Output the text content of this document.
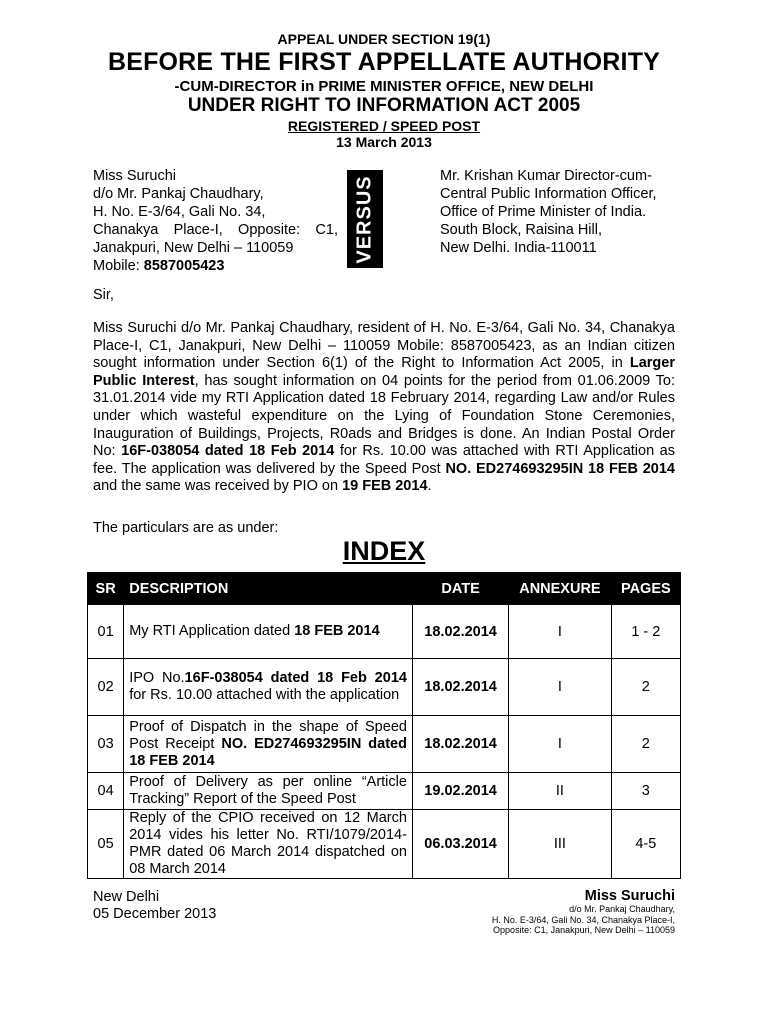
APPEAL UNDER SECTION 19(1)
BEFORE THE FIRST APPELLATE AUTHORITY
-CUM-DIRECTOR in PRIME MINISTER OFFICE, NEW DELHI
UNDER RIGHT TO INFORMATION ACT 2005
REGISTERED / SPEED POST
13 March 2013
Miss Suruchi
d/o Mr. Pankaj Chaudhary,
H. No. E-3/64, Gali No. 34,
Chanakya Place-I, Opposite: C1,
Janakpuri, New Delhi – 110059
Mobile: 8587005423
VERSUS	Mr. Krishan Kumar Director-cum-
Central Public Information Officer,
Office of Prime Minister of India.
South Block, Raisina Hill,
New Delhi. India-110011
Sir,
Miss Suruchi d/o Mr. Pankaj Chaudhary, resident of H. No. E-3/64, Gali No. 34, Chanakya Place-I, C1, Janakpuri, New Delhi – 110059 Mobile: 8587005423, as an Indian citizen sought information under Section 6(1) of the Right to Information Act 2005, in Larger Public Interest, has sought information on 04 points for the period from 01.06.2009 To: 31.01.2014 vide my RTI Application dated 18 February 2014, regarding Law and/or Rules under which wasteful expenditure on the Lying of Foundation Stone Ceremonies, Inauguration of Buildings, Projects, R0ads and Bridges is done. An Indian Postal Order No: 16F-038054 dated 18 Feb 2014 for Rs. 10.00 was attached with RTI Application as fee. The application was delivered by the Speed Post NO. ED274693295IN 18 FEB 2014 and the same was received by PIO on 19 FEB 2014.
The particulars are as under:
INDEX
SR	DESCRIPTION	DATE	ANNEXURE	PAGES
01	My RTI Application dated 18 FEB 2014	18.02.2014	I	1 - 2
02	IPO No.16F-038054 dated 18 Feb 2014 for Rs. 10.00 attached with the application	18.02.2014	I	2
03	Proof of Dispatch in the shape of Speed Post Receipt NO. ED274693295IN dated 18 FEB 2014	18.02.2014	I	2
04	Proof of Delivery as per online “Article Tracking” Report of the Speed Post	19.02.2014	II	3
05	Reply of the CPIO received on 12 March 2014 vides his letter No. RTI/1079/2014-PMR dated 06 March 2014 dispatched on 08 March 2014	06.03.2014	III	4-5
New Delhi
05 December 2013
Miss Suruchi
d/o Mr. Pankaj Chaudhary,
H. No. E-3/64, Gali No. 34, Chanakya Place-I,
Opposite: C1, Janakpuri, New Delhi – 110059
